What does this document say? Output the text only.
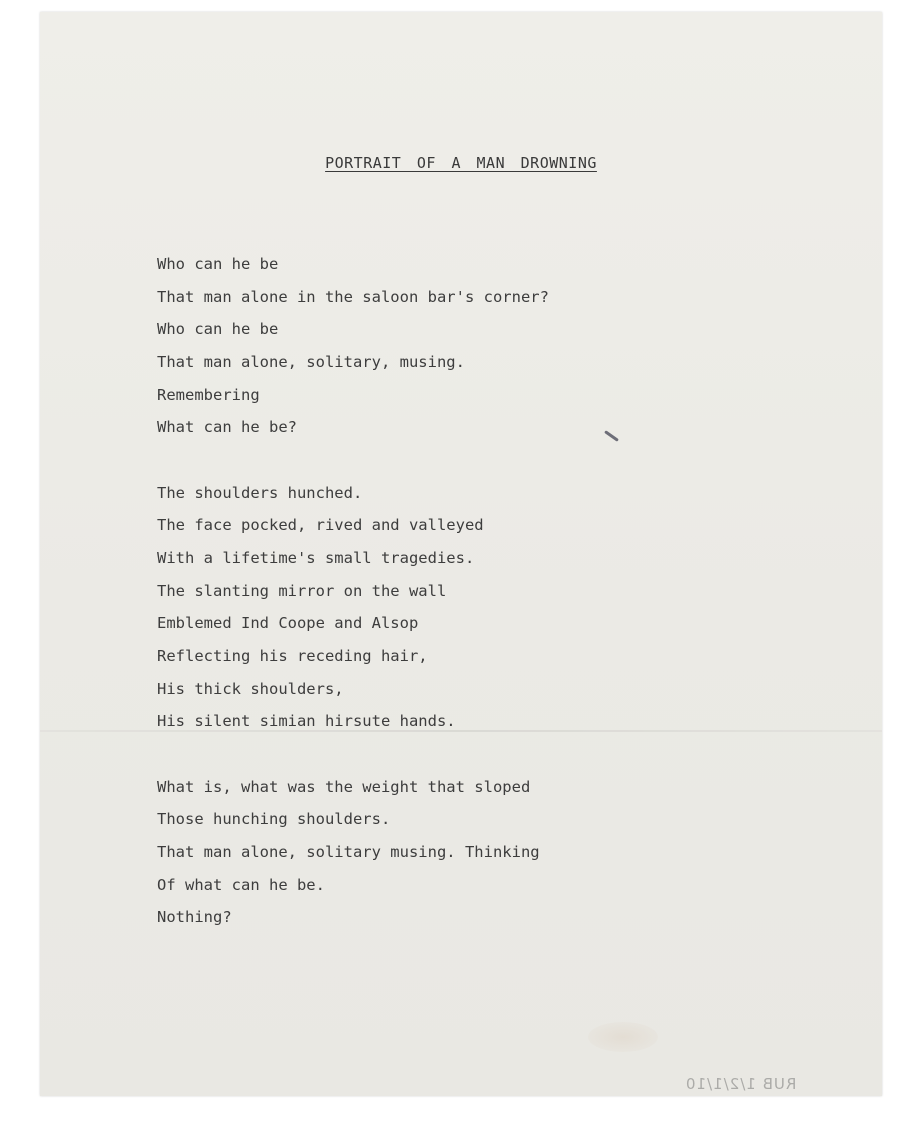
PORTRAIT OF A MAN DROWNING
Who can he be
That man alone in the saloon bar's corner?
Who can he be
That man alone, solitary, musing.
Remembering
What can he be?
The shoulders hunched.
The face pocked, rived and valleyed
With a lifetime's small tragedies.
The slanting mirror on the wall
Emblemed Ind Coope and Alsop
Reflecting his receding hair,
His thick shoulders,
His silent simian hirsute hands.
What is, what was the weight that sloped
Those hunching shoulders.
That man alone, solitary musing. Thinking
Of what can he be.
Nothing?
RUB 1/2/1/10
